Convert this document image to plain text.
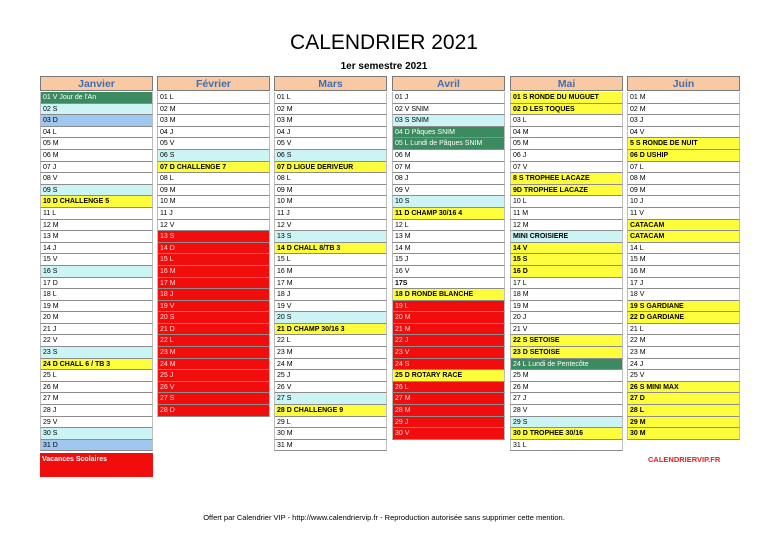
CALENDRIER 2021
1er semestre 2021
Janvier
01 V Jour de l'An
02 S
03 D
04 L
05 M
06 M
07 J
08 V
09 S
10 D CHALLENGE 5
11 L
12 M
13 M
14 J
15 V
16 S
17 D
18 L
19 M
20 M
21 J
22 V
23 S
24 D CHALL 6 / TB 3
25 L
26 M
27 M
28 J
29 V
30 S
31 D
Février
01 L
02 M
03 M
04 J
05 V
06 S
07 D CHALLENGE 7
08 L
09 M
10 M
11 J
12 V
13 S
14 D
15 L
16 M
17 M
18 J
19 V
20 S
21 D
22 L
23 M
24 M
25 J
26 V
27 S
28 D
Mars
01 L
02 M
03 M
04 J
05 V
06 S
07 D LIGUE DERIVEUR
08 L
09 M
10 M
11 J
12 V
13 S
14 D CHALL 8/TB 3
15 L
16 M
17 M
18 J
19 V
20 S
21 D CHAMP 30/16 3
22 L
23 M
24 M
25 J
26 V
27 S
28 D CHALLENGE 9
29 L
30 M
31 M
Avril
01 J
02 V SNIM
03 S SNIM
04 D Pâques SNIM
05 L Lundi de Pâques SNIM
06 M
07 M
08 J
09 V
10 S
11 D CHAMP 30/16 4
12 L
13 M
14 M
15 J
16 V
17S
18 D RONDE BLANCHE
19 L
20 M
21 M
22 J
23 V
24 S
25 D ROTARY RACE
26 L
27 M
28 M
29 J
30 V
Mai
01 S RONDE DU MUGUET
02 D LES TOQUES
03 L
04 M
05 M
06 J
07 V
8 S TROPHEE LACAZE
9D TROPHEE LACAZE
10 L
11 M
12 M
MINI CROISIERE
14 V
15 S
16 D
17 L
18 M
19 M
20 J
21 V
22 S SETOISE
23 D SETOISE
24 L Lundi de Pentecôte
25 M
26 M
27 J
28 V
29 S
30 D TROPHEE 30/16
31 L
Juin
01 M
02 M
03 J
04 V
5 S RONDE DE NUIT
06 D USHIP
07 L
08 M
09 M
10 J
11 V
CATACAM
CATACAM
14 L
15 M
16 M
17 J
18 V
19 S GARDIANE
22 D GARDIANE
21 L
22 M
23 M
24 J
25 V
26 S MINI MAX
27 D
28 L
29 M
30 M
Vacances Scolaires	CALENDRIERVIP.FR
Offert par Calendrier VIP - http://www.calendriervip.fr - Reproduction autorisée sans supprimer cette mention.
